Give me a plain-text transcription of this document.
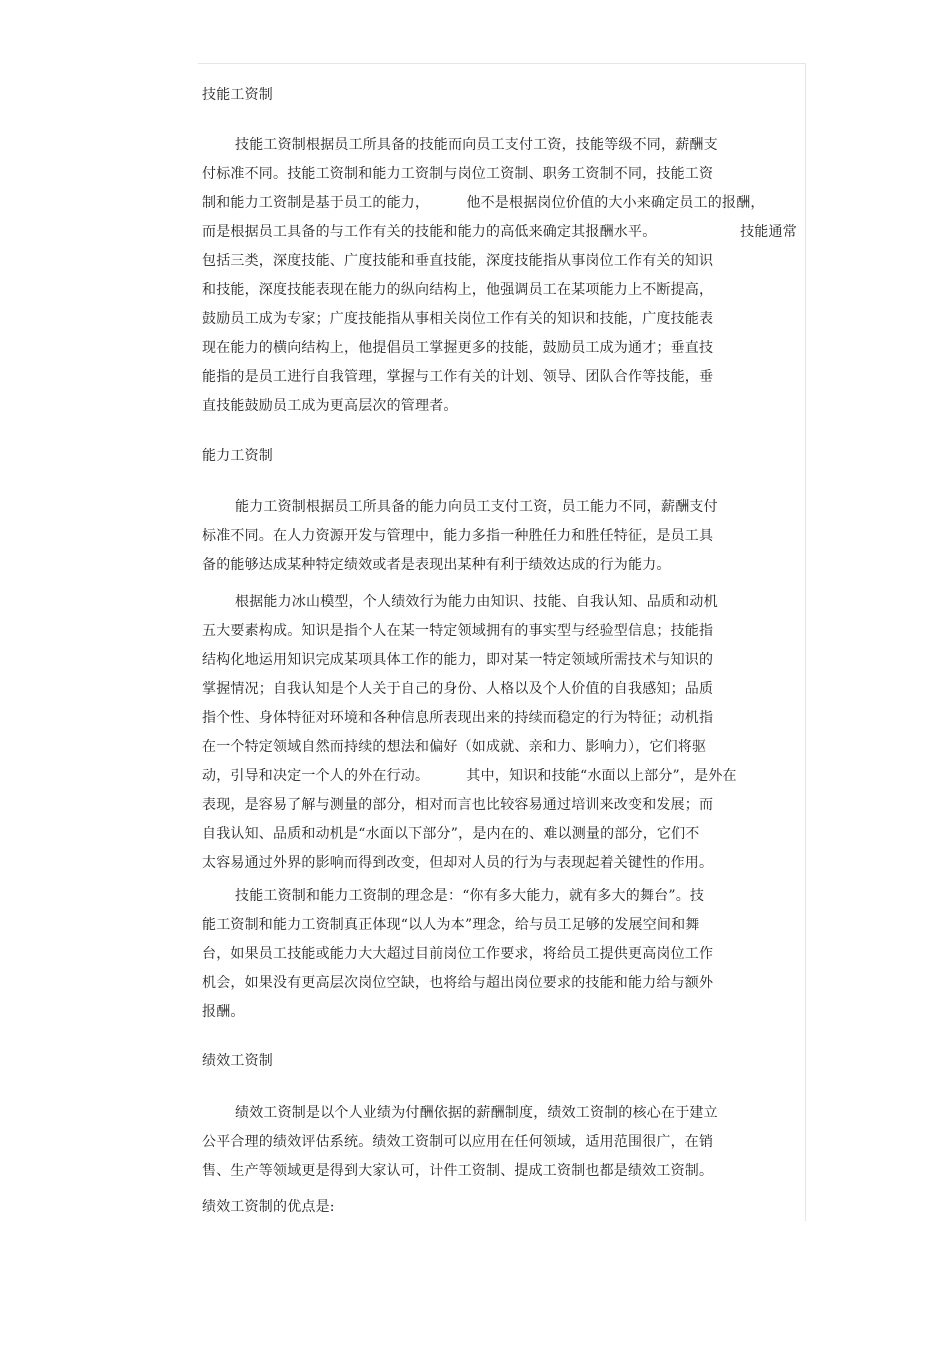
技能工资制
技能工资制根据员工所具备的技能而向员工支付工资，技能等级不同，薪酬支
付标准不同。技能工资制和能力工资制与岗位工资制、职务工资制不同，技能工资
制和能力工资制是基于员工的能力，        他不是根据岗位价值的大小来确定员工的报酬，
而是根据员工具备的与工作有关的技能和能力的高低来确定其报酬水平。                  技能通常
包括三类，深度技能、广度技能和垂直技能，深度技能指从事岗位工作有关的知识
和技能，深度技能表现在能力的纵向结构上，他强调员工在某项能力上不断提高，
鼓励员工成为专家；广度技能指从事相关岗位工作有关的知识和技能，广度技能表
现在能力的横向结构上，他提倡员工掌握更多的技能，鼓励员工成为通才；垂直技
能指的是员工进行自我管理，掌握与工作有关的计划、领导、团队合作等技能，垂
直技能鼓励员工成为更高层次的管理者。
能力工资制
能力工资制根据员工所具备的能力向员工支付工资，员工能力不同，薪酬支付
标准不同。在人力资源开发与管理中，能力多指一种胜任力和胜任特征，是员工具
备的能够达成某种特定绩效或者是表现出某种有利于绩效达成的行为能力。
根据能力冰山模型，个人绩效行为能力由知识、技能、自我认知、品质和动机
五大要素构成。知识是指个人在某一特定领域拥有的事实型与经验型信息；技能指
结构化地运用知识完成某项具体工作的能力，即对某一特定领域所需技术与知识的
掌握情况；自我认知是个人关于自己的身份、人格以及个人价值的自我感知；品质
指个性、身体特征对环境和各种信息所表现出来的持续而稳定的行为特征；动机指
在一个特定领域自然而持续的想法和偏好（如成就、亲和力、影响力），它们将驱
动，引导和决定一个人的外在行动。        其中，知识和技能“水面以上部分”，是外在
表现，是容易了解与测量的部分，相对而言也比较容易通过培训来改变和发展；而
自我认知、品质和动机是“水面以下部分”，是内在的、难以测量的部分，它们不
太容易通过外界的影响而得到改变，但却对人员的行为与表现起着关键性的作用。
技能工资制和能力工资制的理念是：“你有多大能力，就有多大的舞台”。技
能工资制和能力工资制真正体现“以人为本”理念，给与员工足够的发展空间和舞
台，如果员工技能或能力大大超过目前岗位工作要求，将给员工提供更高岗位工作
机会，如果没有更高层次岗位空缺，也将给与超出岗位要求的技能和能力给与额外
报酬。
绩效工资制
绩效工资制是以个人业绩为付酬依据的薪酬制度，绩效工资制的核心在于建立
公平合理的绩效评估系统。绩效工资制可以应用在任何领域，适用范围很广，在销
售、生产等领域更是得到大家认可，计件工资制、提成工资制也都是绩效工资制。
绩效工资制的优点是:
